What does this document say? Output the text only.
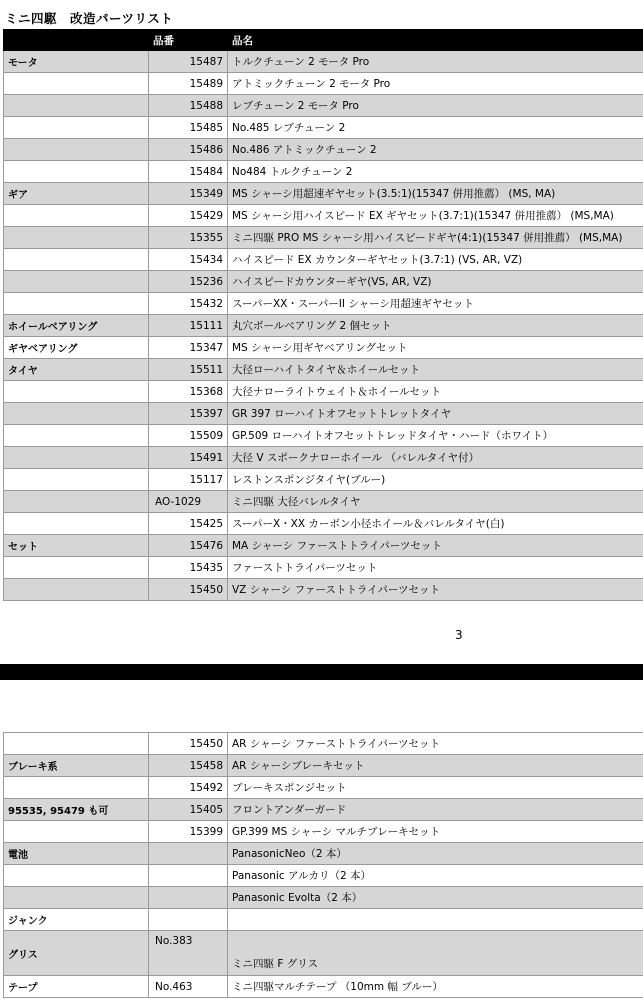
ミニ四駆　改造パーツリスト
	品番	品名
モータ	15487	トルクチューン 2 モータ Pro
	15489	アトミックチューン 2 モータ Pro
	15488	レブチューン 2 モータ Pro
	15485	No.485 レブチューン 2
	15486	No.486 アトミックチューン 2
	15484	No484 トルクチューン 2
ギア	15349	MS シャーシ用超速ギヤセット(3.5:1)(15347 併用推薦） (MS, MA)
	15429	MS シャーシ用ハイスピード EX ギヤセット(3.7:1)(15347 併用推薦） (MS,MA)
	15355	ミニ四駆 PRO MS シャーシ用ハイスピードギヤ(4:1)(15347 併用推薦） (MS,MA)
	15434	ハイスピード EX カウンターギヤセット(3.7:1) (VS, AR, VZ)
	15236	ハイスピードカウンターギヤ(VS, AR, VZ)
	15432	スーパーXX・スーパーII シャーシ用超速ギヤセット
ホイールベアリング	15111	丸穴ボールベアリング 2 個セット
ギヤベアリング	15347	MS シャーシ用ギヤベアリングセット
タイヤ	15511	大径ローハイトタイヤ＆ホイールセット
	15368	大径ナローライトウェイト＆ホイールセット
	15397	GR 397 ローハイトオフセットトレットタイヤ
	15509	GP.509 ローハイトオフセットトレッドタイヤ・ハード（ホワイト）
	15491	大径 V スポークナローホイール （バレルタイヤ付）
	15117	レストンスポンジタイヤ(ブルー)
	AO-1029	ミニ四駆 大径バレルタイヤ
	15425	スーパーX・XX カーボン小径ホイール＆バレルタイヤ(白)
セット	15476	MA シャーシ ファーストトライパーツセット
	15435	ファーストトライパーツセット
	15450	VZ シャーシ ファーストトライパーツセット
3
	15450	AR シャーシ ファーストトライパーツセット
ブレーキ系	15458	AR シャーシブレーキセット
	15492	ブレーキスポンジセット
95535, 95479 も可	15405	フロントアンダーガード
	15399	GP.399 MS シャーシ マルチブレーキセット
電池		PanasonicNeo（2 本）
		Panasonic アルカリ（2 本）
		Panasonic Evolta（2 本）
ジャンク		
グリス	No.383	ミニ四駆 F グリス
テープ	No.463	ミニ四駆マルチテープ （10mm 幅 ブルー）
